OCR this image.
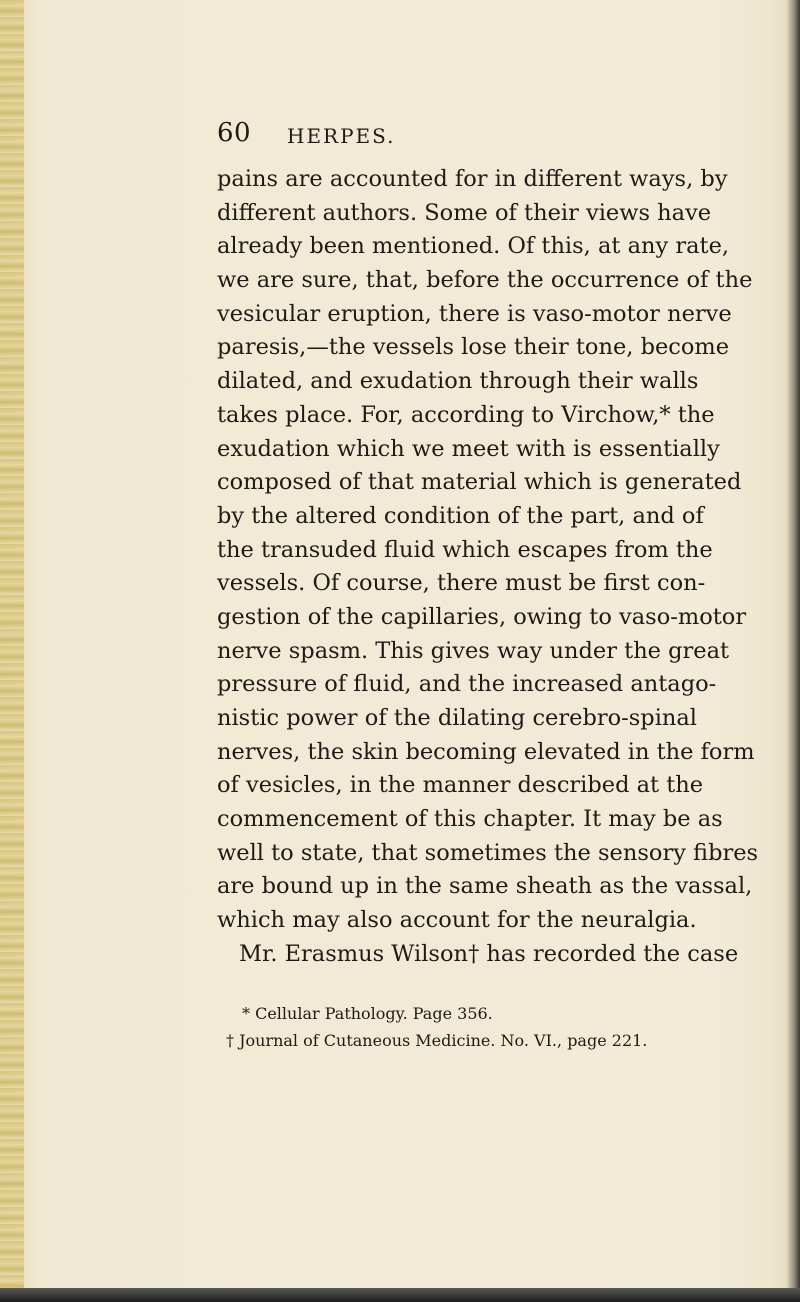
60 HERPES.
pains are accounted for in different ways, by
different authors. Some of their views have
already been mentioned. Of this, at any rate,
we are sure, that, before the occurrence of the
vesicular eruption, there is vaso-motor nerve
paresis,—the vessels lose their tone, become
dilated, and exudation through their walls
takes place. For, according to Virchow,* the
exudation which we meet with is essentially
composed of that material which is generated
by the altered condition of the part, and of
the transuded fluid which escapes from the
vessels. Of course, there must be first con-
gestion of the capillaries, owing to vaso-motor
nerve spasm. This gives way under the great
pressure of fluid, and the increased antago-
nistic power of the dilating cerebro-spinal
nerves, the skin becoming elevated in the form
of vesicles, in the manner described at the
commencement of this chapter. It may be as
well to state, that sometimes the sensory fibres
are bound up in the same sheath as the vassal,
which may also account for the neuralgia.
Mr. Erasmus Wilson† has recorded the case
* Cellular Pathology. Page 356.
† Journal of Cutaneous Medicine. No. VI., page 221.
